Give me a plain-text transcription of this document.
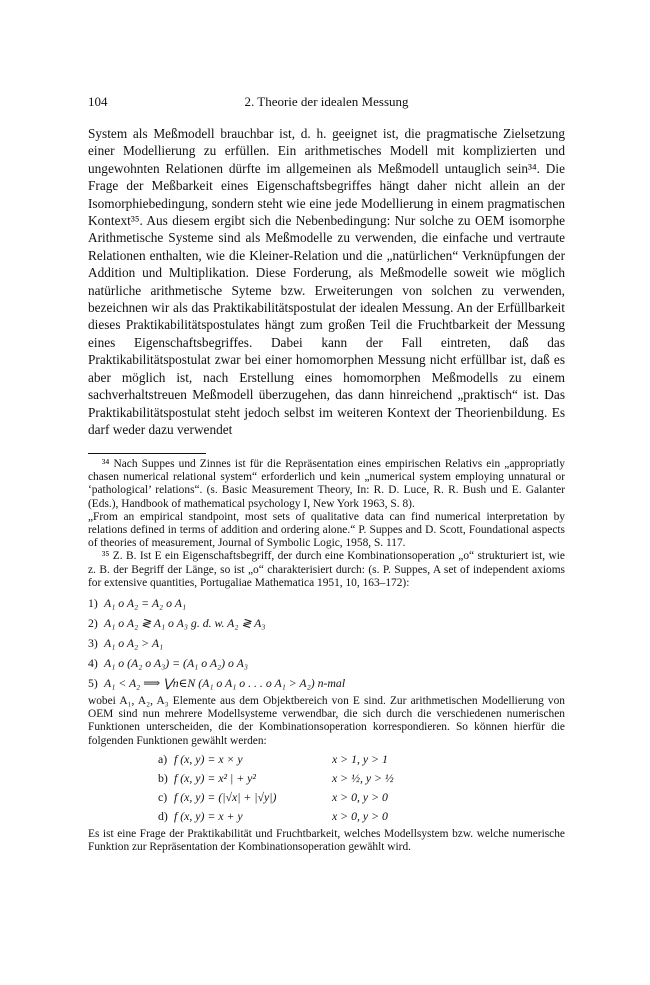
104	2. Theorie der idealen Messung

System als Meßmodell brauchbar ist, d. h. geeignet ist, die pragmatische Zielsetzung einer Modellierung zu erfüllen. Ein arithmetisches Modell mit komplizierten und ungewohnten Relationen dürfte im allgemeinen als Meßmodell untauglich sein³⁴. Die Frage der Meßbarkeit eines Eigenschaftsbegriffes hängt daher nicht allein an der Isomorphiebedingung, sondern steht wie eine jede Modellierung in einem pragmatischen Kontext³⁵. Aus diesem ergibt sich die Nebenbedingung: Nur solche zu OEM isomorphe Arithmetische Systeme sind als Meßmodelle zu verwenden, die einfache und vertraute Relationen enthalten, wie die Kleiner-Relation und die „natürlichen“ Verknüpfungen der Addition und Multiplikation. Diese Forderung, als Meßmodelle soweit wie möglich natürliche arithmetische Syteme bzw. Erweiterungen von solchen zu verwenden, bezeichnen wir als das Praktikabilitätspostulat der idealen Messung. An der Erfüllbarkeit dieses Praktikabilitätspostulates hängt zum großen Teil die Fruchtbarkeit der Messung eines Eigenschaftsbegriffes. Dabei kann der Fall eintreten, daß das Praktikabilitätspostulat zwar bei einer homomorphen Messung nicht erfüllbar ist, daß es aber möglich ist, nach Erstellung eines homomorphen Meßmodells zu einem sachverhaltstreuen Meßmodell überzugehen, das dann hinreichend „praktisch“ ist. Das Praktikabilitätspostulat steht jedoch selbst im weiteren Kontext der Theorienbildung. Es darf weder dazu verwendet

³⁴ Nach Suppes und Zinnes ist für die Repräsentation eines empirischen Relativs ein „appropriatly chasen numerical relational system“ erforderlich und kein „numerical system employing unnatural or ‘pathological’ relations“. (s. Basic Measurement Theory, In: R. D. Luce, R. R. Bush und E. Galanter (Eds.), Handbook of mathematical psychology I, New York 1963, S. 8).

„From an empirical standpoint, most sets of qualitative data can find numerical interpretation by relations defined in terms of addition and ordering alone.“ P. Suppes and D. Scott, Foundational aspects of theories of measurement, Journal of Symbolic Logic, 1958, S. 117.

³⁵ Z. B. Ist E ein Eigenschaftsbegriff, der durch eine Kombinationsoperation „o“ strukturiert ist, wie z. B. der Begriff der Länge, so ist „o“ charakterisiert durch: (s. P. Suppes, A set of independent axioms for extensive quantities, Portugaliae Mathematica 1951, 10, 163–172):

1) A₁ o A₂ = A₂ o A₁
2) A₁ o A₂ ≷ A₁ o A₃ g. d. w. A₂ ≷ A₃
3) A₁ o A₂ > A₁
4) A₁ o (A₂ o A₃) = (A₁ o A₂) o A₃
5) A₁ < A₂ ⟹ ⋁n∈N (A₁ o A₁ o . . . o A₁ > A₂) n-mal

wobei A₁, A₂, A₃ Elemente aus dem Objektbereich von E sind. Zur arithmetischen Modellierung von OEM sind nun mehrere Modellsysteme verwendbar, die sich durch die verschiedenen numerischen Funktionen unterscheiden, die der Kombinationsoperation korrespondieren. So können hierfür die folgenden Funktionen gewählt werden:

a) f (x, y) = x × y	x > 1, y > 1
b) f (x, y) = x² | + y²	x > ½, y > ½
c) f (x, y) = (|√x| + |√y|)	x > 0, y > 0
d) f (x, y) = x + y	x > 0, y > 0

Es ist eine Frage der Praktikabilität und Fruchtbarkeit, welches Modellsystem bzw. welche numerische Funktion zur Repräsentation der Kombinationsoperation gewählt wird.
